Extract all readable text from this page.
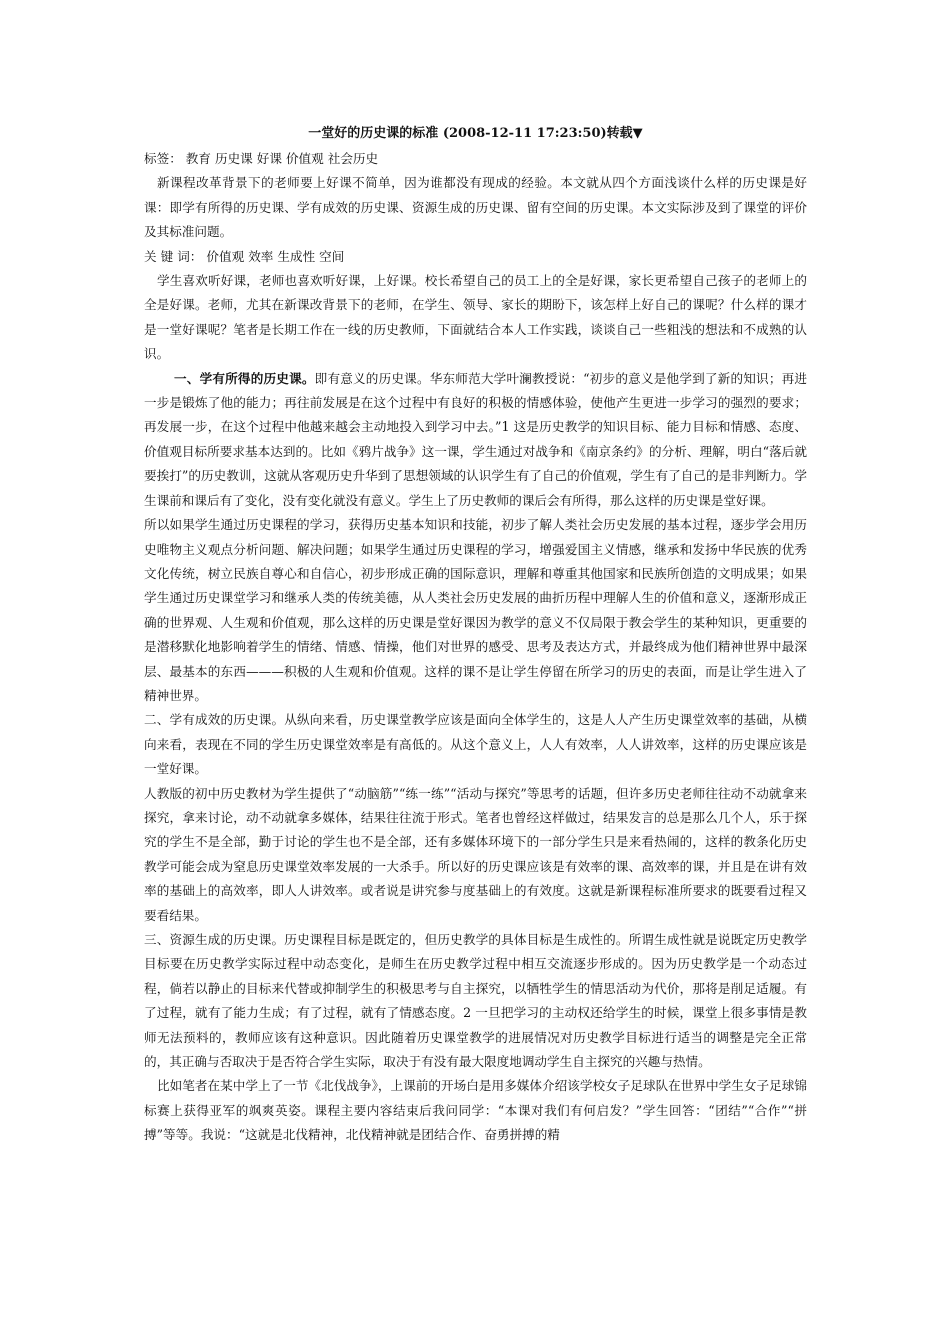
一堂好的历史课的标准 (2008-12-11 17:23:50)转载▼
标签： 教育 历史课 好课 价值观 社会历史

新课程改革背景下的老师要上好课不简单，因为谁都没有现成的经验。本文就从四个方面浅谈什么样的历史课是好课：即学有所得的历史课、学有成效的历史课、资源生成的历史课、留有空间的历史课。本文实际涉及到了课堂的评价及其标准问题。

关 键 词： 价值观 效率 生成性 空间

学生喜欢听好课，老师也喜欢听好课，上好课。校长希望自己的员工上的全是好课，家长更希望自己孩子的老师上的全是好课。老师，尤其在新课改背景下的老师，在学生、领导、家长的期盼下，该怎样上好自己的课呢？什么样的课才是一堂好课呢？笔者是长期工作在一线的历史教师，下面就结合本人工作实践，谈谈自己一些粗浅的想法和不成熟的认识。

一、学有所得的历史课。即有意义的历史课。华东师范大学叶澜教授说：“初步的意义是他学到了新的知识；再进一步是锻炼了他的能力；再往前发展是在这个过程中有良好的积极的情感体验，使他产生更进一步学习的强烈的要求；再发展一步，在这个过程中他越来越会主动地投入到学习中去。”1 这是历史教学的知识目标、能力目标和情感、态度、价值观目标所要求基本达到的。比如《鸦片战争》这一课，学生通过对战争和《南京条约》的分析、理解，明白“落后就要挨打”的历史教训，这就从客观历史升华到了思想领域的认识学生有了自己的价值观，学生有了自己的是非判断力。学生课前和课后有了变化，没有变化就没有意义。学生上了历史教师的课后会有所得，那么这样的历史课是堂好课。

所以如果学生通过历史课程的学习，获得历史基本知识和技能，初步了解人类社会历史发展的基本过程，逐步学会用历史唯物主义观点分析问题、解决问题；如果学生通过历史课程的学习，增强爱国主义情感，继承和发扬中华民族的优秀文化传统，树立民族自尊心和自信心，初步形成正确的国际意识，理解和尊重其他国家和民族所创造的文明成果；如果学生通过历史课堂学习和继承人类的传统美德，从人类社会历史发展的曲折历程中理解人生的价值和意义，逐渐形成正确的世界观、人生观和价值观，那么这样的历史课是堂好课因为教学的意义不仅局限于教会学生的某种知识，更重要的是潜移默化地影响着学生的情绪、情感、情操，他们对世界的感受、思考及表达方式，并最终成为他们精神世界中最深层、最基本的东西———积极的人生观和价值观。这样的课不是让学生停留在所学习的历史的表面，而是让学生进入了精神世界。

二、学有成效的历史课。从纵向来看，历史课堂教学应该是面向全体学生的，这是人人产生历史课堂效率的基础，从横向来看，表现在不同的学生历史课堂效率是有高低的。从这个意义上，人人有效率，人人讲效率，这样的历史课应该是一堂好课。

人教版的初中历史教材为学生提供了“动脑筋”“练一练”“活动与探究”等思考的话题，但许多历史老师往往动不动就拿来探究，拿来讨论，动不动就拿多媒体，结果往往流于形式。笔者也曾经这样做过，结果发言的总是那么几个人，乐于探究的学生不是全部，勤于讨论的学生也不是全部，还有多媒体环境下的一部分学生只是来看热闹的，这样的教条化历史教学可能会成为窒息历史课堂效率发展的一大杀手。所以好的历史课应该是有效率的课、高效率的课，并且是在讲有效率的基础上的高效率，即人人讲效率。或者说是讲究参与度基础上的有效度。这就是新课程标准所要求的既要看过程又要看结果。

三、资源生成的历史课。历史课程目标是既定的，但历史教学的具体目标是生成性的。所谓生成性就是说既定历史教学目标要在历史教学实际过程中动态变化，是师生在历史教学过程中相互交流逐步形成的。因为历史教学是一个动态过程，倘若以静止的目标来代替或抑制学生的积极思考与自主探究，以牺牲学生的情思活动为代价，那将是削足适履。有了过程，就有了能力生成；有了过程，就有了情感态度。2 一旦把学习的主动权还给学生的时候，课堂上很多事情是教师无法预料的，教师应该有这种意识。因此随着历史课堂教学的进展情况对历史教学目标进行适当的调整是完全正常的，其正确与否取决于是否符合学生实际，取决于有没有最大限度地调动学生自主探究的兴趣与热情。

比如笔者在某中学上了一节《北伐战争》，上课前的开场白是用多媒体介绍该学校女子足球队在世界中学生女子足球锦标赛上获得亚军的飒爽英姿。课程主要内容结束后我问同学：“本课对我们有何启发？”学生回答：“团结”“合作”“拼搏”等等。我说：“这就是北伐精神，北伐精神就是团结合作、奋勇拼搏的精
